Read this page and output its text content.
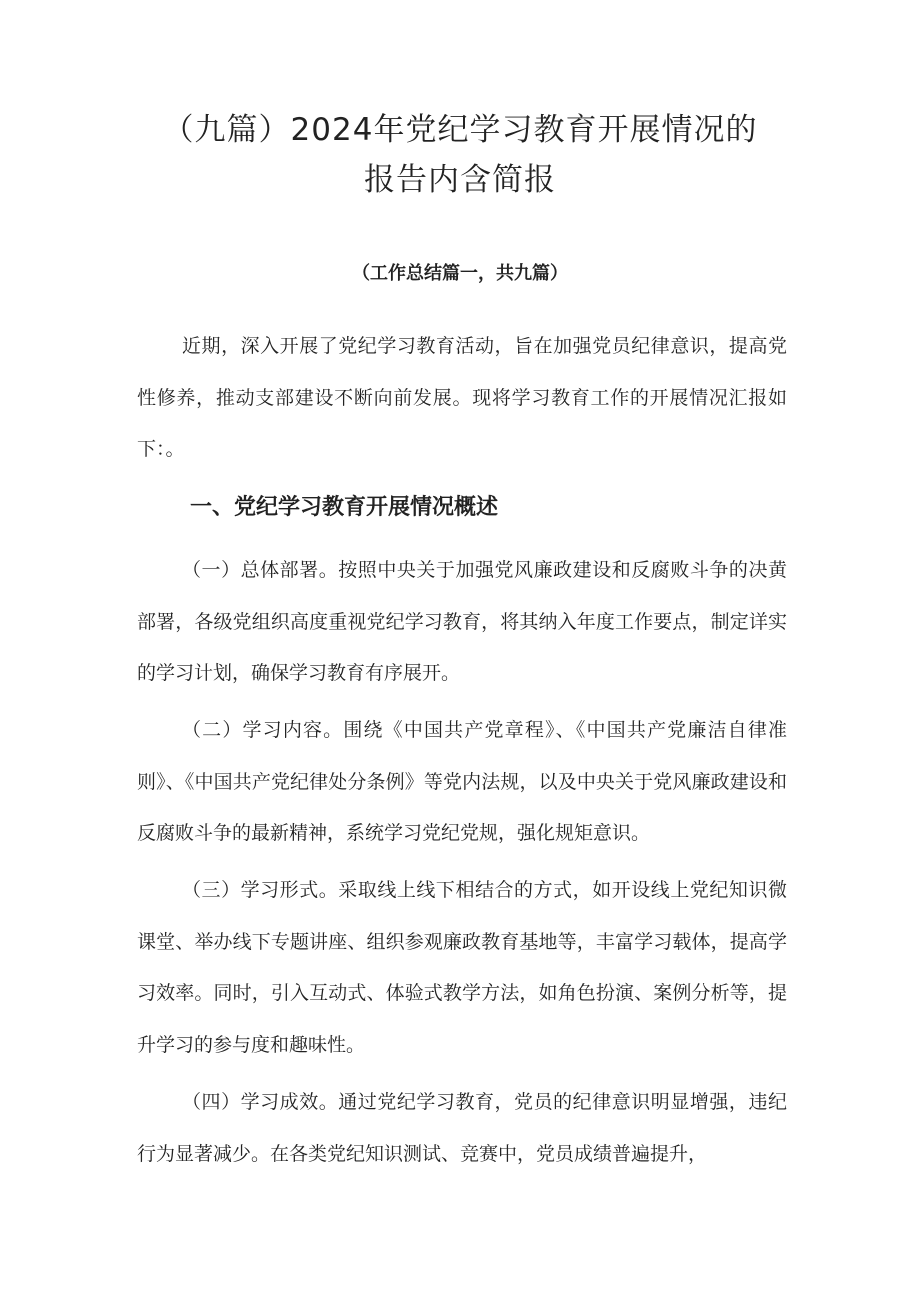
（九篇）2024年党纪学习教育开展情况的
报告内含简报
（工作总结篇一，共九篇）

近期，深入开展了党纪学习教育活动，旨在加强党员纪律意识，提高党性修养，推动支部建设不断向前发展。现将学习教育工作的开展情况汇报如下：。

一、党纪学习教育开展情况概述

（一）总体部署。按照中央关于加强党风廉政建设和反腐败斗争的决黄部署，各级党组织高度重视党纪学习教育，将其纳入年度工作要点，制定详实的学习计划，确保学习教育有序展开。

（二）学习内容。围绕《中国共产党章程》、《中国共产党廉洁自律准则》、《中国共产党纪律处分条例》等党内法规，以及中央关于党风廉政建设和反腐败斗争的最新精神，系统学习党纪党规，强化规矩意识。

（三）学习形式。采取线上线下相结合的方式，如开设线上党纪知识微课堂、举办线下专题讲座、组织参观廉政教育基地等，丰富学习载体，提高学习效率。同时，引入互动式、体验式教学方法，如角色扮演、案例分析等，提升学习的参与度和趣味性。

（四）学习成效。通过党纪学习教育，党员的纪律意识明显增强，违纪行为显著减少。在各类党纪知识测试、竞赛中，党员成绩普遍提升，
